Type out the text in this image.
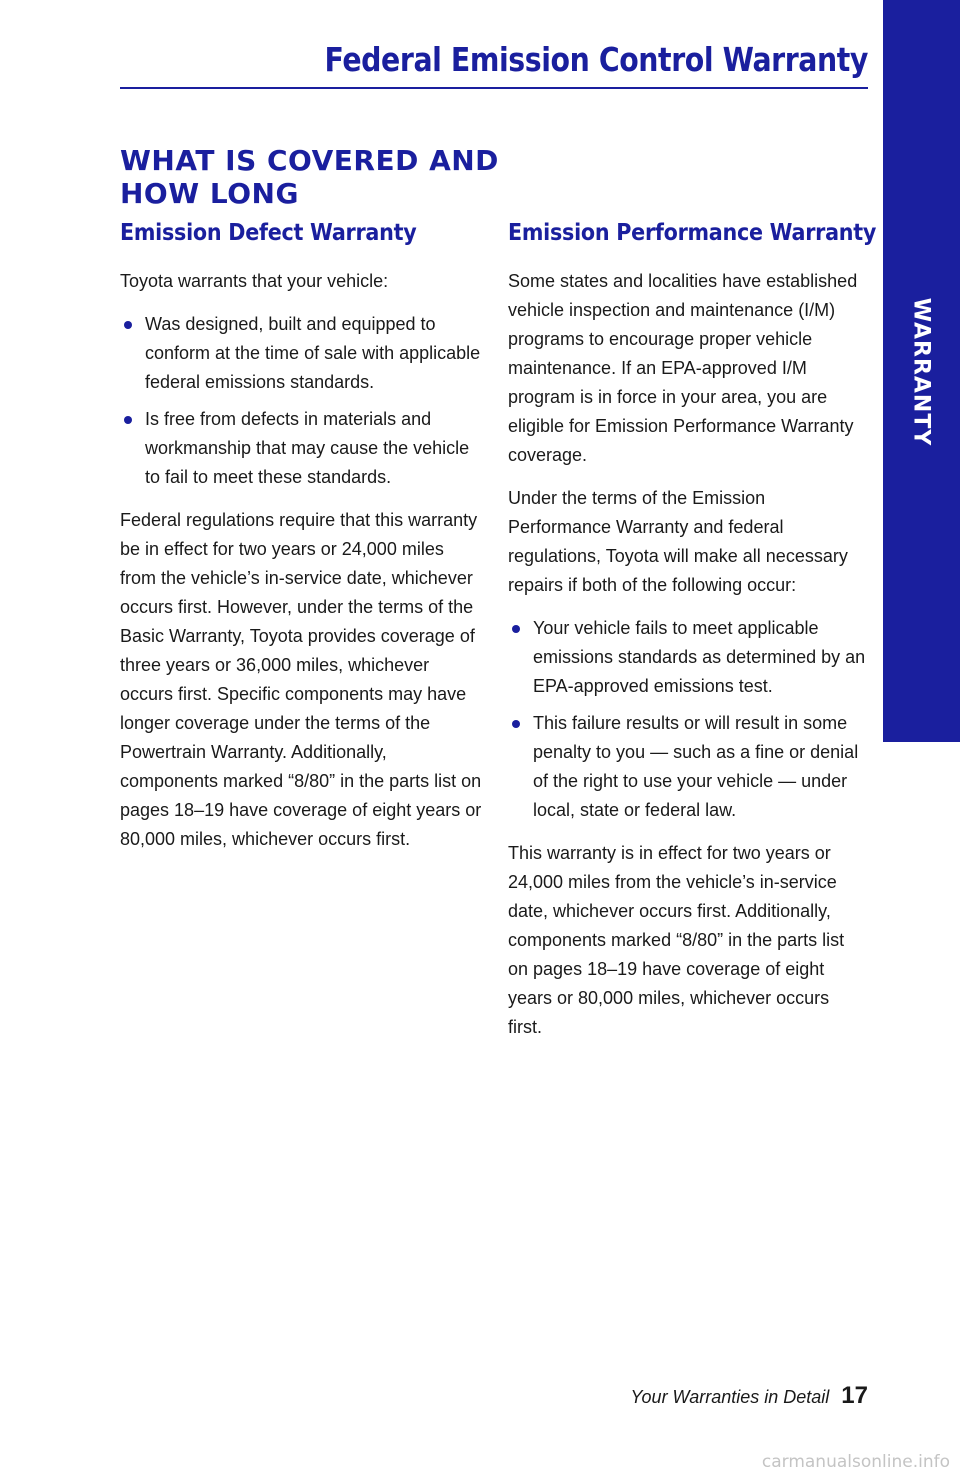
Federal Emission Control Warranty
WARRANTY
WHAT IS COVERED AND
HOW LONG
Emission Defect Warranty

Toyota warrants that your vehicle:

Was designed, built and equipped to conform at the time of sale with applicable federal emissions standards.
Is free from defects in materials and workmanship that may cause the vehicle to fail to meet these standards.

Federal regulations require that this warranty be in effect for two years or 24,000 miles from the vehicle’s in-service date, whichever occurs first. However, under the terms of the Basic Warranty, Toyota provides coverage of three years or 36,000 miles, whichever occurs first. Specific components may have longer coverage under the terms of the Powertrain Warranty. Additionally, components marked “8/80” in the parts list on pages 18–19 have coverage of eight years or 80,000 miles, whichever occurs first.

Emission Performance Warranty

Some states and localities have established vehicle inspection and maintenance (I/M) programs to encourage proper vehicle maintenance. If an EPA-approved I/M program is in force in your area, you are eligible for Emission Performance Warranty coverage.

Under the terms of the Emission Performance Warranty and federal regulations, Toyota will make all necessary repairs if both of the following occur:

Your vehicle fails to meet applicable emissions standards as determined by an EPA-approved emissions test.
This failure results or will result in some penalty to you — such as a fine or denial of the right to use your vehicle — under local, state or federal law.

This warranty is in effect for two years or 24,000 miles from the vehicle’s in-service date, whichever occurs first. Additionally, components marked “8/80” in the parts list on pages 18–19 have coverage of eight years or 80,000 miles, whichever occurs first.

Your Warranties in Detail 17
carmanualsonline.info
